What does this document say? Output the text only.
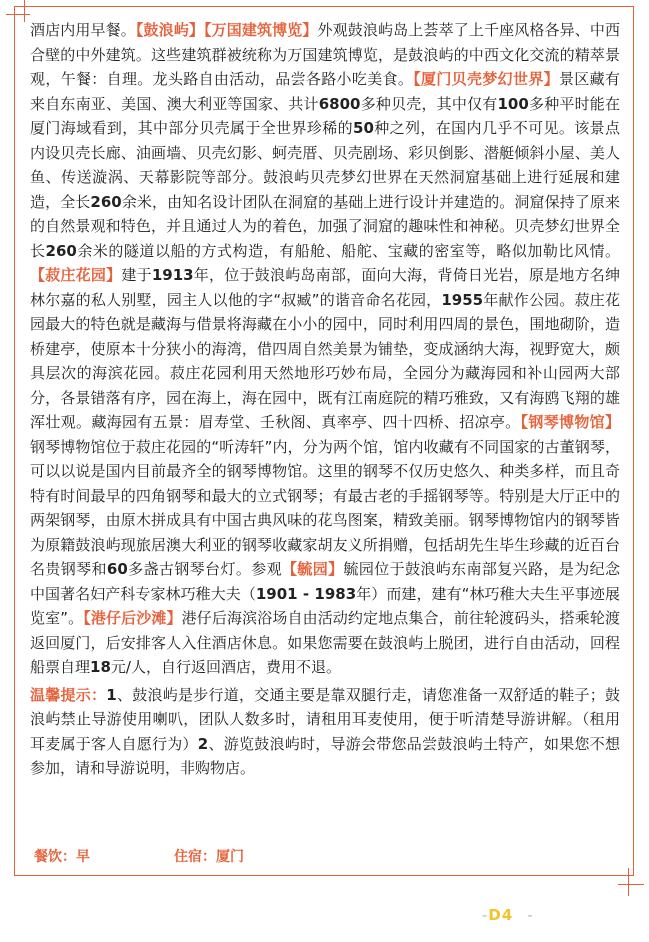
酒店内用早餐。【鼓浪屿】【万国建筑博览】外观鼓浪屿岛上荟萃了上千座风格各异、中西合壁的中外建筑。这些建筑群被统称为万国建筑博览，是鼓浪屿的中西文化交流的精萃景观，午餐：自理。龙头路自由活动，品尝各路小吃美食。【厦门贝壳梦幻世界】景区藏有来自东南亚、美国、澳大利亚等国家、共计6800多种贝壳，其中仅有100多种平时能在厦门海域看到，其中部分贝壳属于全世界珍稀的50种之列，在国内几乎不可见。该景点内设贝壳长廊、油画墙、贝壳幻影、蚵壳厝、贝壳剧场、彩贝倒影、潜艇倾斜小屋、美人鱼、传送漩涡、天幕影院等部分。鼓浪屿贝壳梦幻世界在天然洞窟基础上进行延展和建造，全长260余米，由知名设计团队在洞窟的基础上进行设计并建造的。洞窟保持了原来的自然景观和特色，并且通过人为的着色，加强了洞窟的趣味性和神秘。贝壳梦幻世界全长260余米的隧道以船的方式构造，有船舱、船舵、宝藏的密室等，略似加勒比风情。【菽庄花园】建于1913年，位于鼓浪屿岛南部，面向大海，背倚日光岩，原是地方名绅林尔嘉的私人别墅，园主人以他的字“叔臧”的谐音命名花园，1955年献作公园。菽庄花园最大的特色就是藏海与借景将海藏在小小的园中，同时利用四周的景色，围地砌阶，造桥建亭，使原本十分狭小的海湾，借四周自然美景为铺垫，变成涵纳大海，视野宽大，颇具层次的海滨花园。菽庄花园利用天然地形巧妙布局，全园分为藏海园和补山园两大部分，各景错落有序，园在海上，海在园中，既有江南庭院的精巧雅致，又有海鸥飞翔的雄浑壮观。藏海园有五景：眉寿堂、壬秋阁、真率亭、四十四桥、招凉亭。【钢琴博物馆】钢琴博物馆位于菽庄花园的“听涛轩”内，分为两个馆，馆内收藏有不同国家的古董钢琴，可以以说是国内目前最齐全的钢琴博物馆。这里的钢琴不仅历史悠久、种类多样，而且奇特有时间最早的四角钢琴和最大的立式钢琴；有最古老的手摇钢琴等。特别是大厅正中的两架钢琴，由原木拼成具有中国古典风味的花鸟图案，精致美丽。钢琴博物馆内的钢琴皆为原籍鼓浪屿现旅居澳大利亚的钢琴收藏家胡友义所捐赠，包括胡先生毕生珍藏的近百台名贵钢琴和60多盏古钢琴台灯。参观【毓园】毓园位于鼓浪屿东南部复兴路，是为纪念中国著名妇产科专家林巧稚大夫（1901 - 1983年）而建，建有“林巧稚大夫生平事迹展览室”。【港仔后沙滩】港仔后海滨浴场自由活动约定地点集合，前往轮渡码头，搭乘轮渡返回厦门，后安排客人入住酒店休息。如果您需要在鼓浪屿上脱团，进行自由活动，回程船票自理18元/人，自行返回酒店，费用不退。

温馨提示：1、鼓浪屿是步行道，交通主要是靠双腿行走，请您准备一双舒适的鞋子；鼓浪屿禁止导游使用喇叭，团队人数多时，请租用耳麦使用，便于听清楚导游讲解。（租用耳麦属于客人自愿行为）2、游览鼓浪屿时，导游会带您品尝鼓浪屿土特产，如果您不想参加，请和导游说明，非购物店。

餐饮：早	住宿：厦门
-D4 -
